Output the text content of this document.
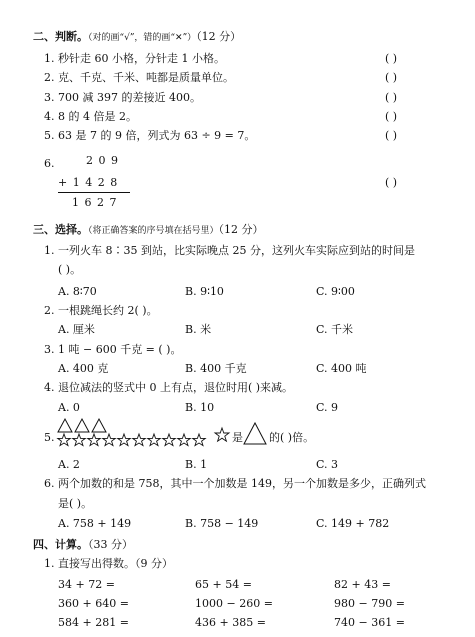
二、判断。（对的画“√”，错的画“✕”）（12 分）
1. 秒针走 60 小格，分针走 1 小格。	( )
2. 克、千克、千米、吨都是质量单位。	( )
3. 700 减 397 的差接近 400。	( )
4. 8 的 4 倍是 2。	( )
5. 63 是 7 的 9 倍，列式为 63 ÷ 9 = 7。	( )
6.	2 0 9
+ 1 4 2 8
1 6 2 7
( )
三、选择。（将正确答案的序号填在括号里）（12 分）
1. 一列火车 8∶35 到站，比实际晚点 25 分，这列火车实际应到站的时间是
( )。
A. 8∶70	B. 9∶10	C. 9∶00
2. 一根跳绳长约 2( )。
A. 厘米	B. 米	C. 千米
3. 1 吨 − 600 千克 = ( )。
A. 400 克	B. 400 千克	C. 400 吨
4. 退位减法的竖式中 0 上有点，退位时用( )来减。
A. 0	B. 10	C. 9
5.	是 的( )倍。
A. 2	B. 1	C. 3
6. 两个加数的和是 758，其中一个加数是 149，另一个加数是多少，正确列式
是( )。
A. 758 + 149	B. 758 − 149	C. 149 + 782
四、计算。（33 分）
1. 直接写出得数。（9 分）
34 + 72 =	65 + 54 =	82 + 43 =
360 + 640 =	1000 − 260 =	980 − 790 =
584 + 281 =	436 + 385 =	740 − 361 =
